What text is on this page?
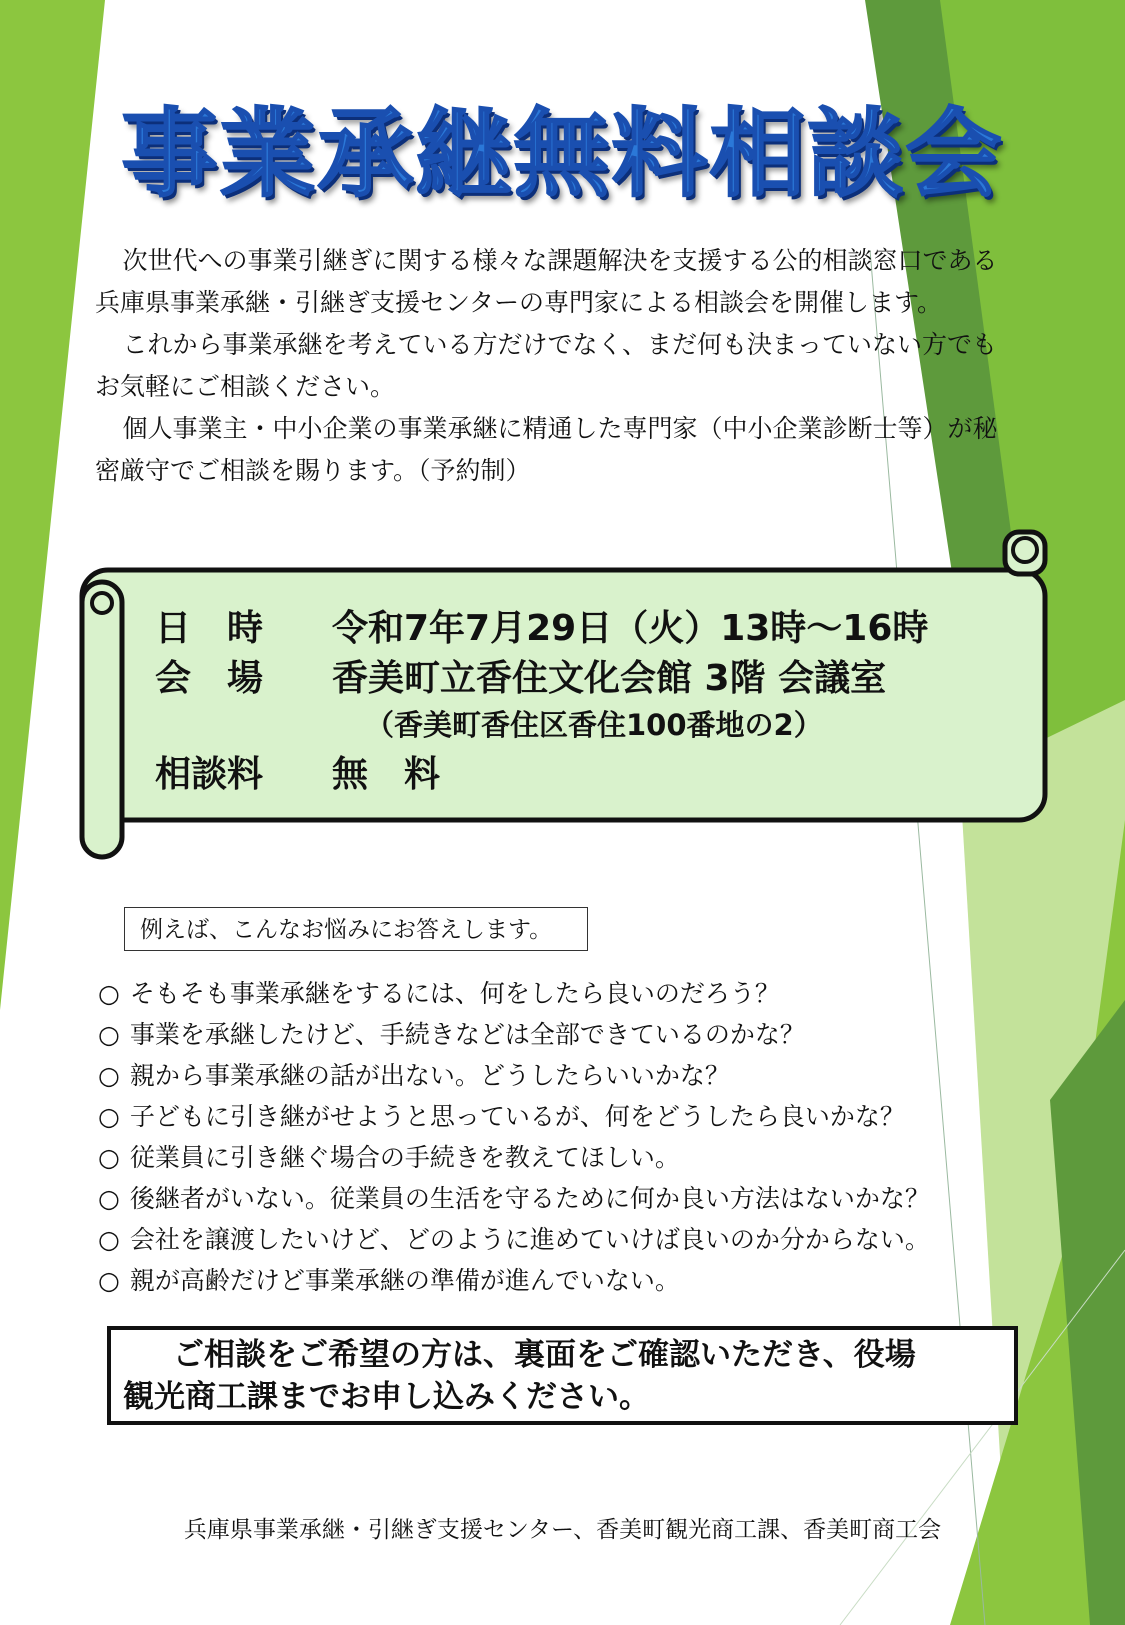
事業承継無料相談会

次世代への事業引継ぎに関する様々な課題解決を支援する公的相談窓口である兵庫県事業承継・引継ぎ支援センターの専門家による相談会を開催します。

これから事業承継を考えている方だけでなく、まだ何も決まっていない方でもお気軽にご相談ください。

個人事業主・中小企業の事業承継に精通した専門家（中小企業診断士等）が秘密厳守でご相談を賜ります。（予約制）

日　時	令和7年7月29日（火）13時～16時
会　場	香美町立香住文化会館 3階 会議室
（香美町香住区香住100番地の2）
相談料	無　料
例えば、こんなお悩みにお答えします。
○ そもそも事業承継をするには、何をしたら良いのだろう？
○ 事業を承継したけど、手続きなどは全部できているのかな？
○ 親から事業承継の話が出ない。どうしたらいいかな？
○ 子どもに引き継がせようと思っているが、何をどうしたら良いかな？
○ 従業員に引き継ぐ場合の手続きを教えてほしい。
○ 後継者がいない。従業員の生活を守るために何か良い方法はないかな？
○ 会社を譲渡したいけど、どのように進めていけば良いのか分からない。
○ 親が高齢だけど事業承継の準備が進んでいない。
ご相談をご希望の方は、裏面をご確認いただき、役場
観光商工課までお申し込みください。
兵庫県事業承継・引継ぎ支援センター、香美町観光商工課、香美町商工会
